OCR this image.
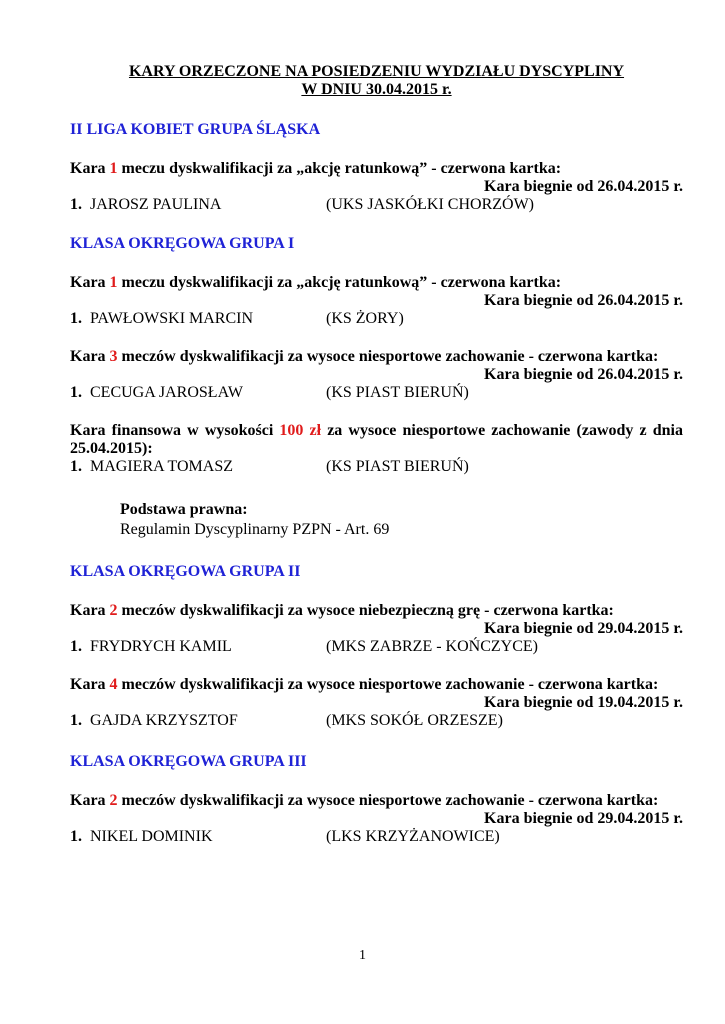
KARY ORZECZONE NA POSIEDZENIU WYDZIAŁU DYSCYPLINY
W DNIU 30.04.2015 r.

II LIGA KOBIET GRUPA ŚLĄSKA

Kara 1 meczu dyskwalifikacji za „akcję ratunkową” - czerwona kartka:

Kara biegnie od 26.04.2015 r.

1. JAROSZ PAULINA	(UKS JASKÓŁKI CHORZÓW)

KLASA OKRĘGOWA GRUPA I

Kara 1 meczu dyskwalifikacji za „akcję ratunkową” - czerwona kartka:

Kara biegnie od 26.04.2015 r.

1. PAWŁOWSKI MARCIN	(KS ŻORY)

Kara 3 meczów dyskwalifikacji za wysoce niesportowe zachowanie - czerwona kartka:

Kara biegnie od 26.04.2015 r.

1. CECUGA JAROSŁAW	(KS PIAST BIERUŃ)

Kara finansowa w wysokości 100 zł za wysoce niesportowe zachowanie (zawody z dnia 25.04.2015):

1. MAGIERA TOMASZ	(KS PIAST BIERUŃ)
Podstawa prawna:
Regulamin Dyscyplinarny PZPN - Art. 69

KLASA OKRĘGOWA GRUPA II

Kara 2 meczów dyskwalifikacji za wysoce niebezpieczną grę - czerwona kartka:

Kara biegnie od 29.04.2015 r.

1. FRYDRYCH KAMIL	(MKS ZABRZE - KOŃCZYCE)

Kara 4 meczów dyskwalifikacji za wysoce niesportowe zachowanie - czerwona kartka:

Kara biegnie od 19.04.2015 r.

1. GAJDA KRZYSZTOF	(MKS SOKÓŁ ORZESZE)

KLASA OKRĘGOWA GRUPA III

Kara 2 meczów dyskwalifikacji za wysoce niesportowe zachowanie - czerwona kartka:

Kara biegnie od 29.04.2015 r.

1. NIKEL DOMINIK	(LKS KRZYŻANOWICE)
1
